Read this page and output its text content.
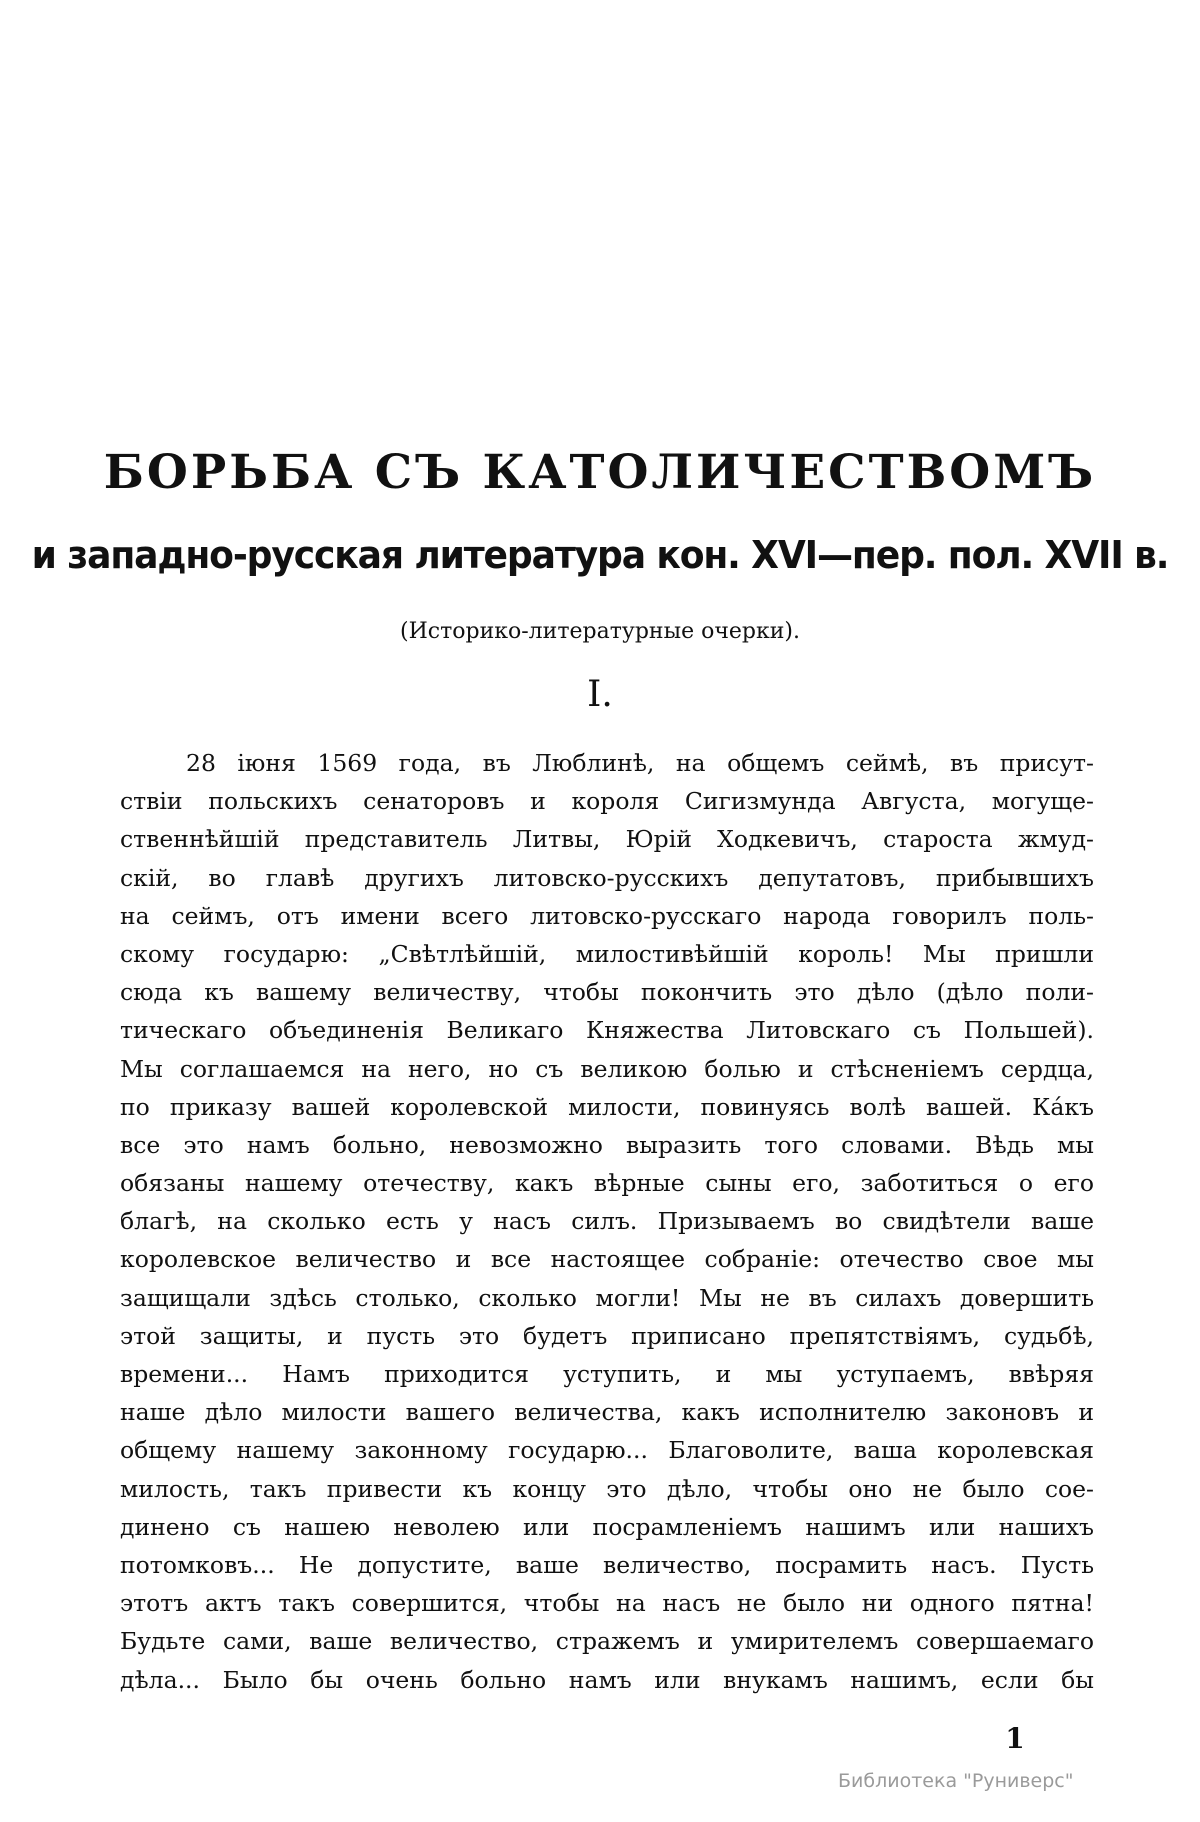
БОРЬБА СЪ КАТОЛИЧЕСТВОМЪ
и западно-русская литература кон. XVI—пер. пол. XVII в.
(Историко-литературные очерки).
I.
28 іюня 1569 года, въ Люблинѣ, на общемъ сеймѣ, въ присут-
ствіи польскихъ сенаторовъ и короля Сигизмунда Августа, могуще-
ственнѣйшій представитель Литвы, Юрій Ходкевичъ, староста жмуд-
скій, во главѣ другихъ литовско-русскихъ депутатовъ, прибывшихъ
на сеймъ, отъ имени всего литовско-русскаго народа говорилъ поль-
скому государю: „Свѣтлѣйшій, милостивѣйшій король! Мы пришли
сюда къ вашему величеству, чтобы покончить это дѣло (дѣло поли-
тическаго объединенія Великаго Княжества Литовскаго съ Польшей).
Мы соглашаемся на него, но съ великою болью и стѣсненіемъ сердца,
по приказу вашей королевской милости, повинуясь волѣ вашей. Ка́къ
все это намъ больно, невозможно выразить того словами. Вѣдь мы
обязаны нашему отечеству, какъ вѣрные сыны его, заботиться о его
благѣ, на сколько есть у насъ силъ. Призываемъ во свидѣтели ваше
королевское величество и все настоящее собраніе: отечество свое мы
защищали здѣсь столько, сколько могли! Мы не въ силахъ довершить
этой защиты, и пусть это будетъ приписано препятствіямъ, судьбѣ,
времени... Намъ приходится уступить, и мы уступаемъ, ввѣряя
наше дѣло милости вашего величества, какъ исполнителю законовъ и
общему нашему законному государю... Благоволите, ваша королевская
милость, такъ привести къ концу это дѣло, чтобы оно не было сое-
динено съ нашею неволею или посрамленіемъ нашимъ или нашихъ
потомковъ... Не допустите, ваше величество, посрамить насъ. Пусть
этотъ актъ такъ совершится, чтобы на насъ не было ни одного пятна!
Будьте сами, ваше величество, стражемъ и умирителемъ совершаемаго
дѣла... Было бы очень больно намъ или внукамъ нашимъ, если бы
1
Библиотека "Руниверс"
